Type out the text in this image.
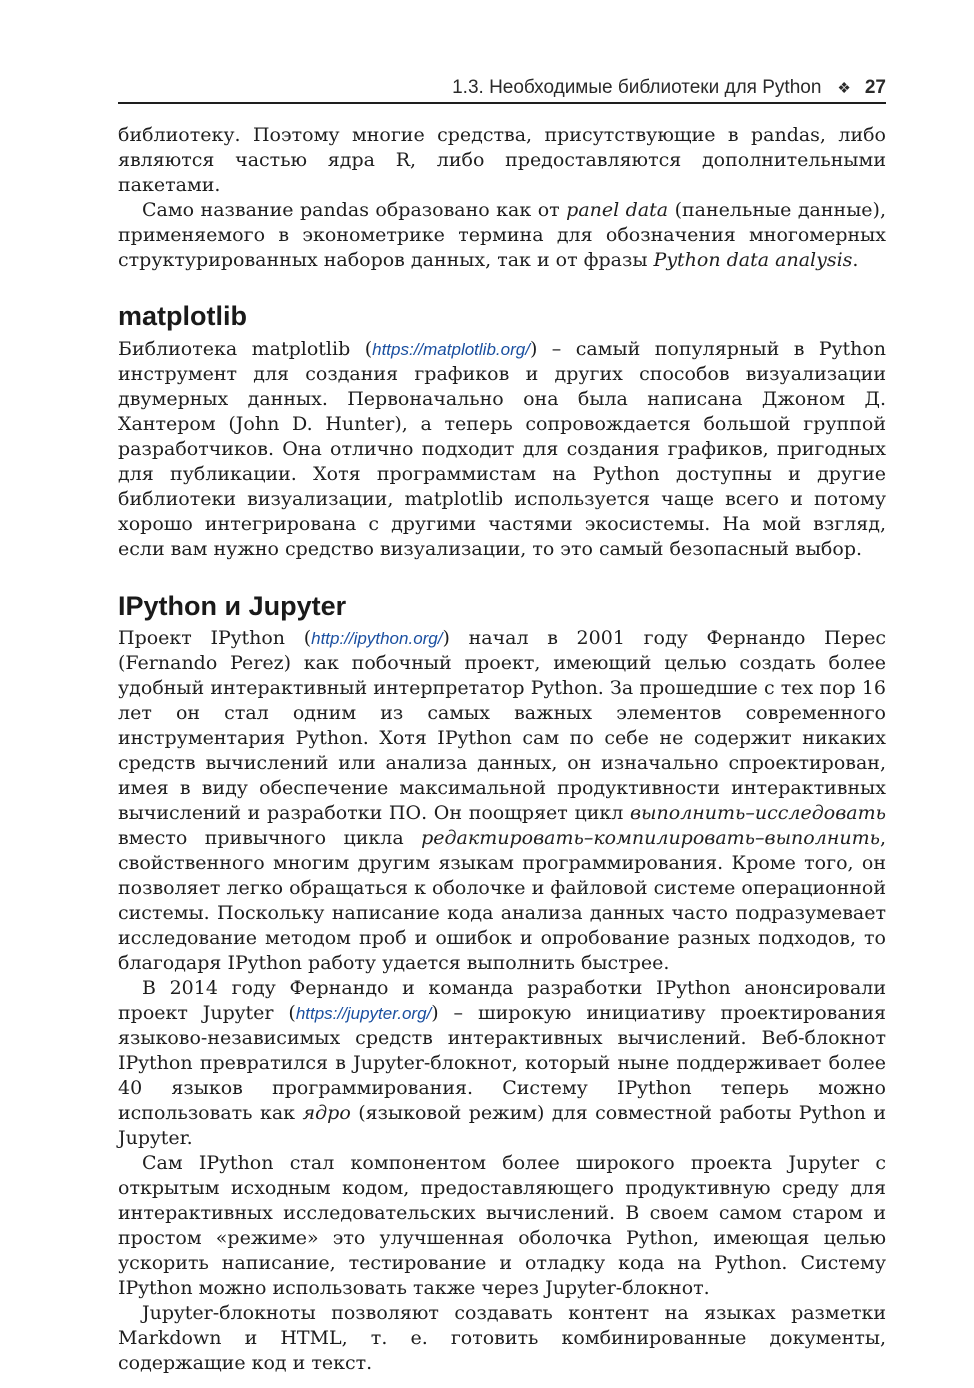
1.3. Необходимые библиотеки для Python ❖ 27

библиотеку. Поэтому многие средства, присутствующие в pandas, либо являются частью ядра R, либо предоставляются дополнительными пакетами.

Само название pandas образовано как от panel data (панельные данные), применяемого в эконометрике термина для обозначения многомерных структурированных наборов данных, так и от фразы Python data analysis.

matplotlib

Библиотека matplotlib (https://matplotlib.org/) – самый популярный в Python инструмент для создания графиков и других способов визуализации двумерных данных. Первоначально она была написана Джоном Д. Хантером (John D. Hunter), а теперь сопровождается большой группой разработчиков. Она отлично подходит для создания графиков, пригодных для публикации. Хотя программистам на Python доступны и другие библиотеки визуализации, matplotlib используется чаще всего и потому хорошо интегрирована с другими частями экосистемы. На мой взгляд, если вам нужно средство визуализации, то это самый безопасный выбор.

IPython и Jupyter

Проект IPython (http://ipython.org/) начал в 2001 году Фернандо Перес (Fernando Perez) как побочный проект, имеющий целью создать более удобный интерактивный интерпретатор Python. За прошедшие с тех пор 16 лет он стал одним из самых важных элементов современного инструментария Python. Хотя IPython сам по себе не содержит никаких средств вычислений или анализа данных, он изначально спроектирован, имея в виду обеспечение максимальной продуктивности интерактивных вычислений и разработки ПО. Он поощряет цикл выполнить–исследовать вместо привычного цикла редактировать–компилировать–выполнить, свойственного многим другим языкам программирования. Кроме того, он позволяет легко обращаться к оболочке и файловой системе операционной системы. Поскольку написание кода анализа данных часто подразумевает исследование методом проб и ошибок и опробование разных подходов, то благодаря IPython работу удается выполнить быстрее.

В 2014 году Фернандо и команда разработки IPython анонсировали проект Jupyter (https://jupyter.org/) – широкую инициативу проектирования языково-независимых средств интерактивных вычислений. Веб-блокнот IPython превратился в Jupyter-блокнот, который ныне поддерживает более 40 языков программирования. Систему IPython теперь можно использовать как ядро (языковой режим) для совместной работы Python и Jupyter.

Сам IPython стал компонентом более широкого проекта Jupyter с открытым исходным кодом, предоставляющего продуктивную среду для интерактивных исследовательских вычислений. В своем самом старом и простом «режиме» это улучшенная оболочка Python, имеющая целью ускорить написание, тестирование и отладку кода на Python. Систему IPython можно использовать также через Jupyter-блокнот.

Jupyter-блокноты позволяют создавать контент на языках разметки Markdown и HTML, т. е. готовить комбинированные документы, содержащие код и текст.
